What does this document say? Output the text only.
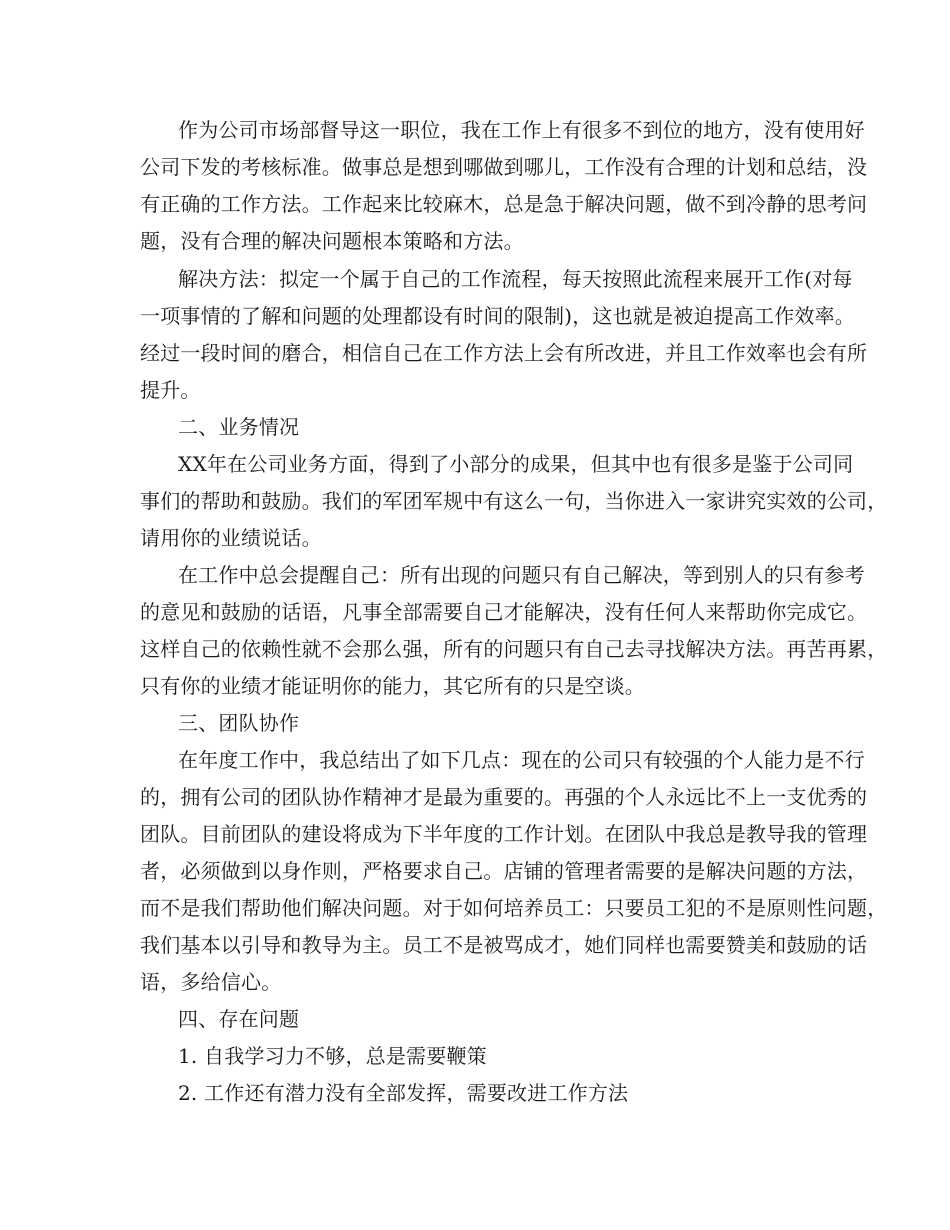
作为公司市场部督导这一职位，我在工作上有很多不到位的地方，没有使用好
公司下发的考核标准。做事总是想到哪做到哪儿，工作没有合理的计划和总结，没
有正确的工作方法。工作起来比较麻木，总是急于解决问题，做不到冷静的思考问
题，没有合理的解决问题根本策略和方法。
解决方法：拟定一个属于自己的工作流程，每天按照此流程来展开工作(对每
一项事情的了解和问题的处理都设有时间的限制)，这也就是被迫提高工作效率。
经过一段时间的磨合，相信自己在工作方法上会有所改进，并且工作效率也会有所
提升。
二、业务情况
XX年在公司业务方面，得到了小部分的成果，但其中也有很多是鉴于公司同
事们的帮助和鼓励。我们的军团军规中有这么一句，当你进入一家讲究实效的公司，
请用你的业绩说话。
在工作中总会提醒自己：所有出现的问题只有自己解决，等到别人的只有参考
的意见和鼓励的话语，凡事全部需要自己才能解决，没有任何人来帮助你完成它。
这样自己的依赖性就不会那么强，所有的问题只有自己去寻找解决方法。再苦再累，
只有你的业绩才能证明你的能力，其它所有的只是空谈。
三、团队协作
在年度工作中，我总结出了如下几点：现在的公司只有较强的个人能力是不行
的，拥有公司的团队协作精神才是最为重要的。再强的个人永远比不上一支优秀的
团队。目前团队的建设将成为下半年度的工作计划。在团队中我总是教导我的管理
者，必须做到以身作则，严格要求自己。店铺的管理者需要的是解决问题的方法，
而不是我们帮助他们解决问题。对于如何培养员工：只要员工犯的不是原则性问题，
我们基本以引导和教导为主。员工不是被骂成才，她们同样也需要赞美和鼓励的话
语，多给信心。
四、存在问题
1. 自我学习力不够，总是需要鞭策
2. 工作还有潜力没有全部发挥，需要改进工作方法
